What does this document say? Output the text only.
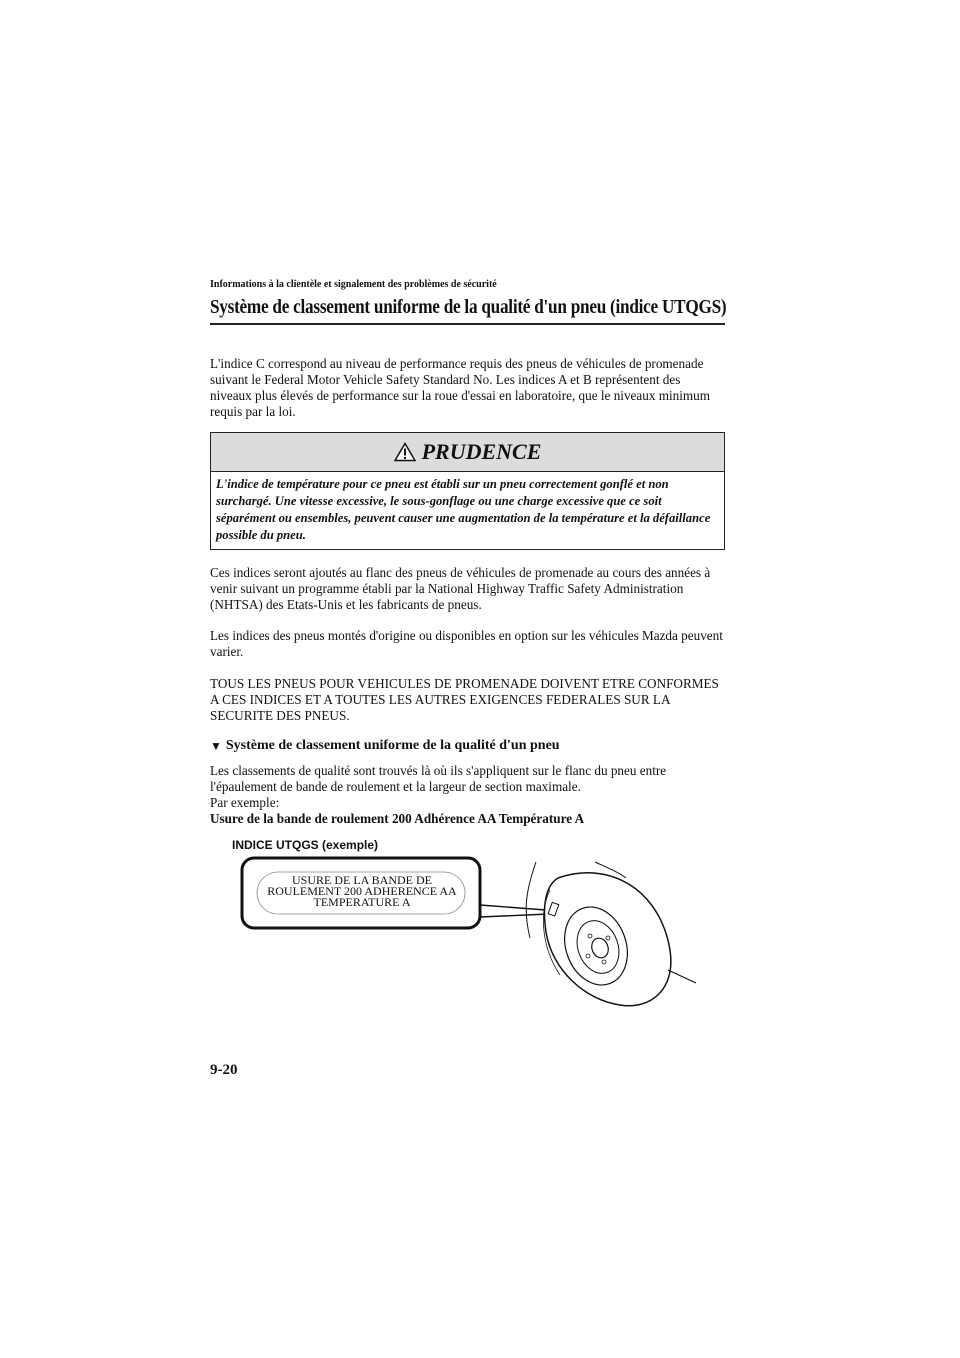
Informations à la clientèle et signalement des problèmes de sécurité
Système de classement uniforme de la qualité d'un pneu (indice UTQGS)
L'indice C correspond au niveau de performance requis des pneus de véhicules de promenade suivant le Federal Motor Vehicle Safety Standard No. Les indices A et B représentent des niveaux plus élevés de performance sur la roue d'essai en laboratoire, que le niveaux minimum requis par la loi.
PRUDENCE
L'indice de température pour ce pneu est établi sur un pneu correctement gonflé et non surchargé. Une vitesse excessive, le sous-gonflage ou une charge excessive que ce soit séparément ou ensembles, peuvent causer une augmentation de la température et la défaillance possible du pneu.
Ces indices seront ajoutés au flanc des pneus de véhicules de promenade au cours des années à venir suivant un programme établi par la National Highway Traffic Safety Administration (NHTSA) des Etats-Unis et les fabricants de pneus.
Les indices des pneus montés d'origine ou disponibles en option sur les véhicules Mazda peuvent varier.
TOUS LES PNEUS POUR VEHICULES DE PROMENADE DOIVENT ETRE CONFORMES A CES INDICES ET A TOUTES LES AUTRES EXIGENCES FEDERALES SUR LA SECURITE DES PNEUS.
▼ Système de classement uniforme de la qualité d'un pneu
Les classements de qualité sont trouvés là où ils s'appliquent sur le flanc du pneu entre l'épaulement de bande de roulement et la largeur de section maximale.
Par exemple:
Usure de la bande de roulement 200 Adhérence AA Température A
INDICE UTQGS (exemple)
USURE DE LA BANDE DE
ROULEMENT 200 ADHERENCE AA
TEMPERATURE A
9-20
